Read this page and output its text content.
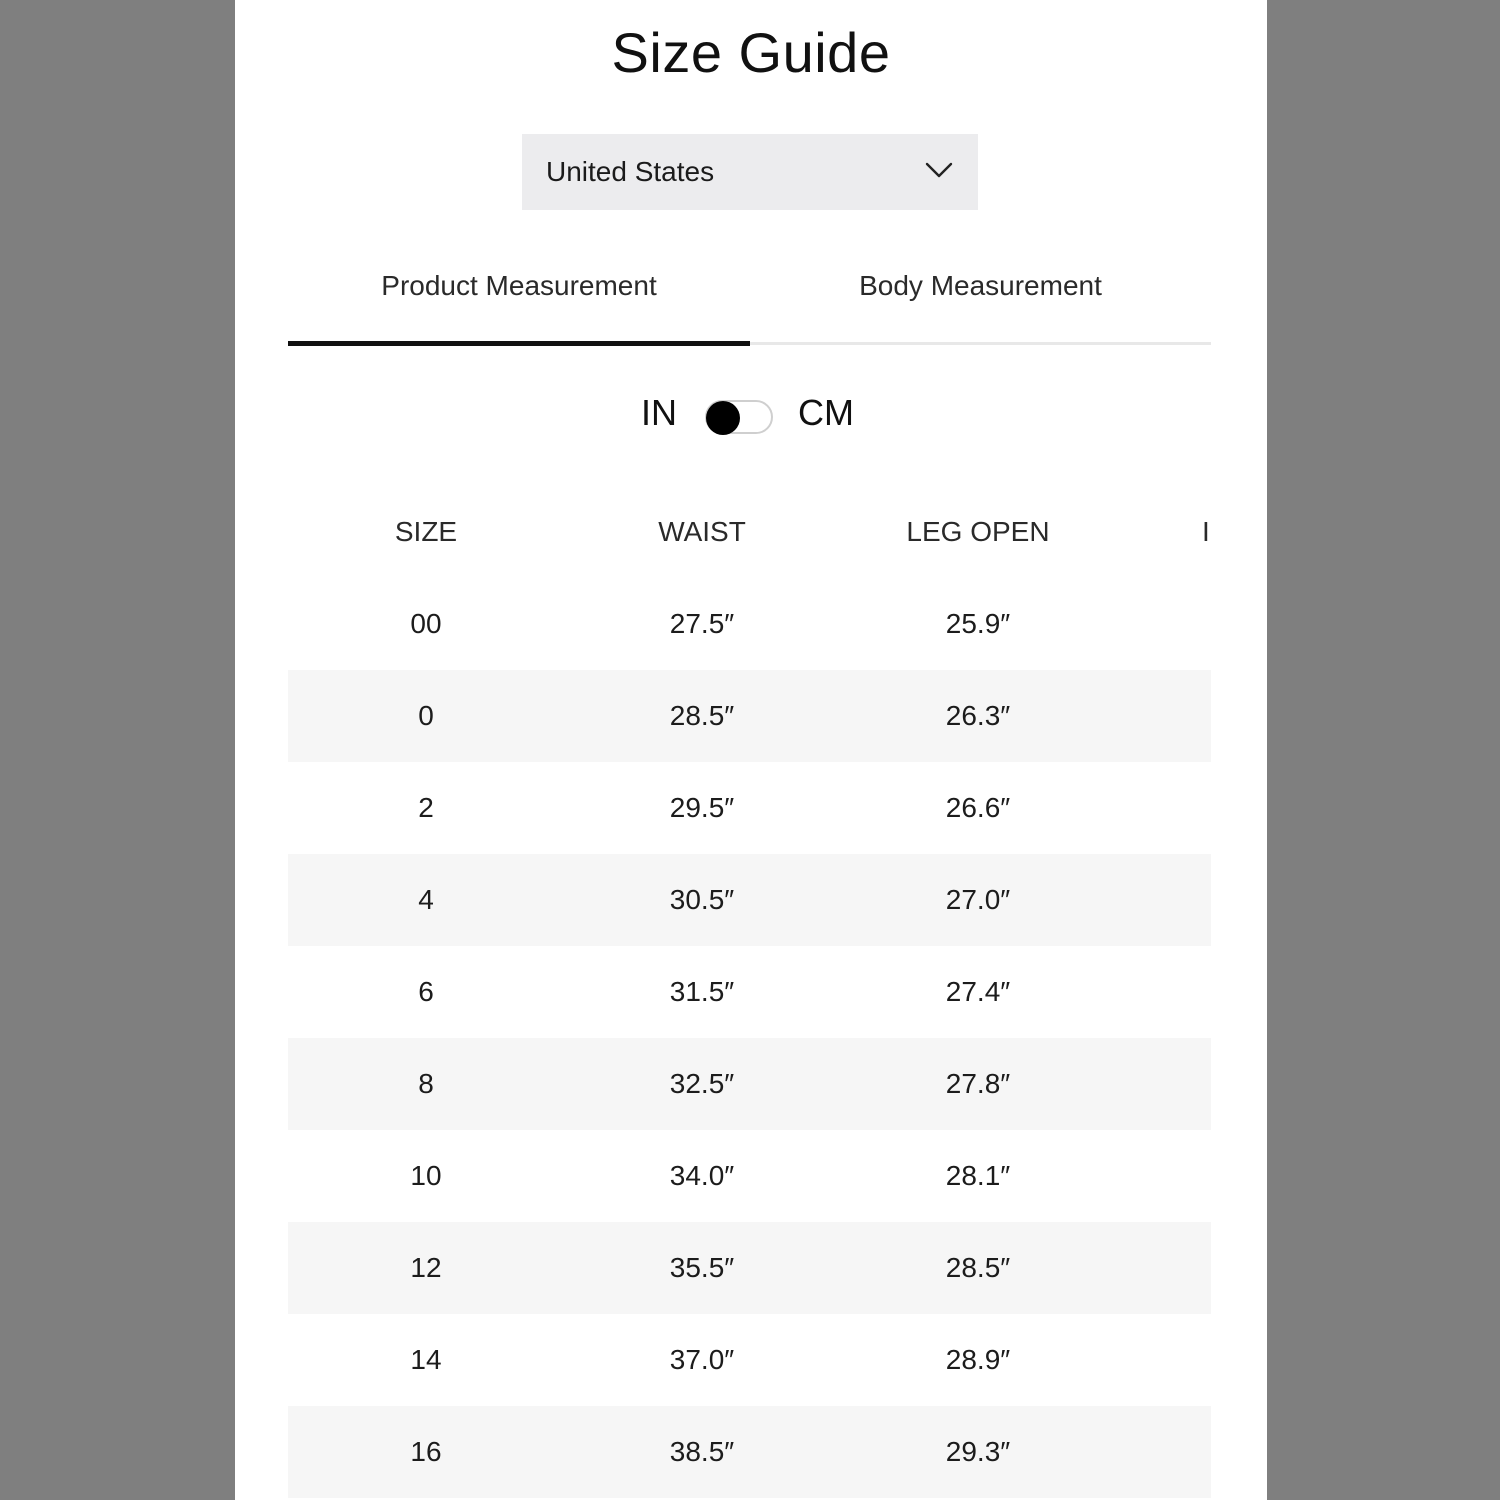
Size Guide
United States
Product Measurement	Body Measurement
IN	CM
SIZE	WAIST	LEG OPEN	I
00	27.5″	25.9″
0	28.5″	26.3″
2	29.5″	26.6″
4	30.5″	27.0″
6	31.5″	27.4″
8	32.5″	27.8″
10	34.0″	28.1″
12	35.5″	28.5″
14	37.0″	28.9″
16	38.5″	29.3″
